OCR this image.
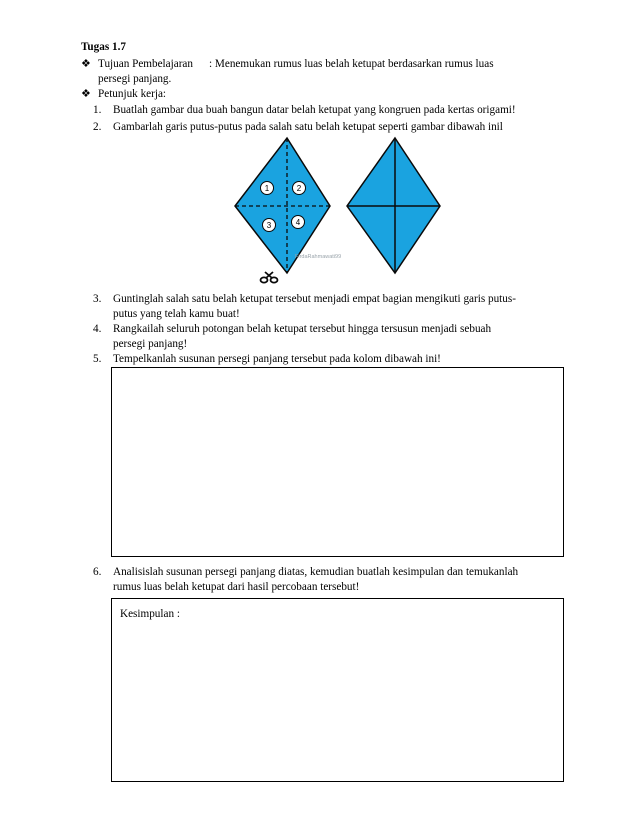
Tugas 1.7
❖ Tujuan Pembelajaran : Menemukan rumus luas belah ketupat berdasarkan rumus luas
persegi panjang.
❖ Petunjuk kerja:
1. Buatlah gambar dua buah bangun datar belah ketupat yang kongruen pada kertas origami!
2. Gambarlah garis putus-putus pada salah satu belah ketupat seperti gambar dibawah inil
1	2
3	4
FirdaRahmawati99
3. Guntinglah salah satu belah ketupat tersebut menjadi empat bagian mengikuti garis putus-
putus yang telah kamu buat!
4. Rangkailah seluruh potongan belah ketupat tersebut hingga tersusun menjadi sebuah
persegi panjang!
5. Tempelkanlah susunan persegi panjang tersebut pada kolom dibawah ini!
6. Analisislah susunan persegi panjang diatas, kemudian buatlah kesimpulan dan temukanlah
rumus luas belah ketupat dari hasil percobaan tersebut!
Kesimpulan :
